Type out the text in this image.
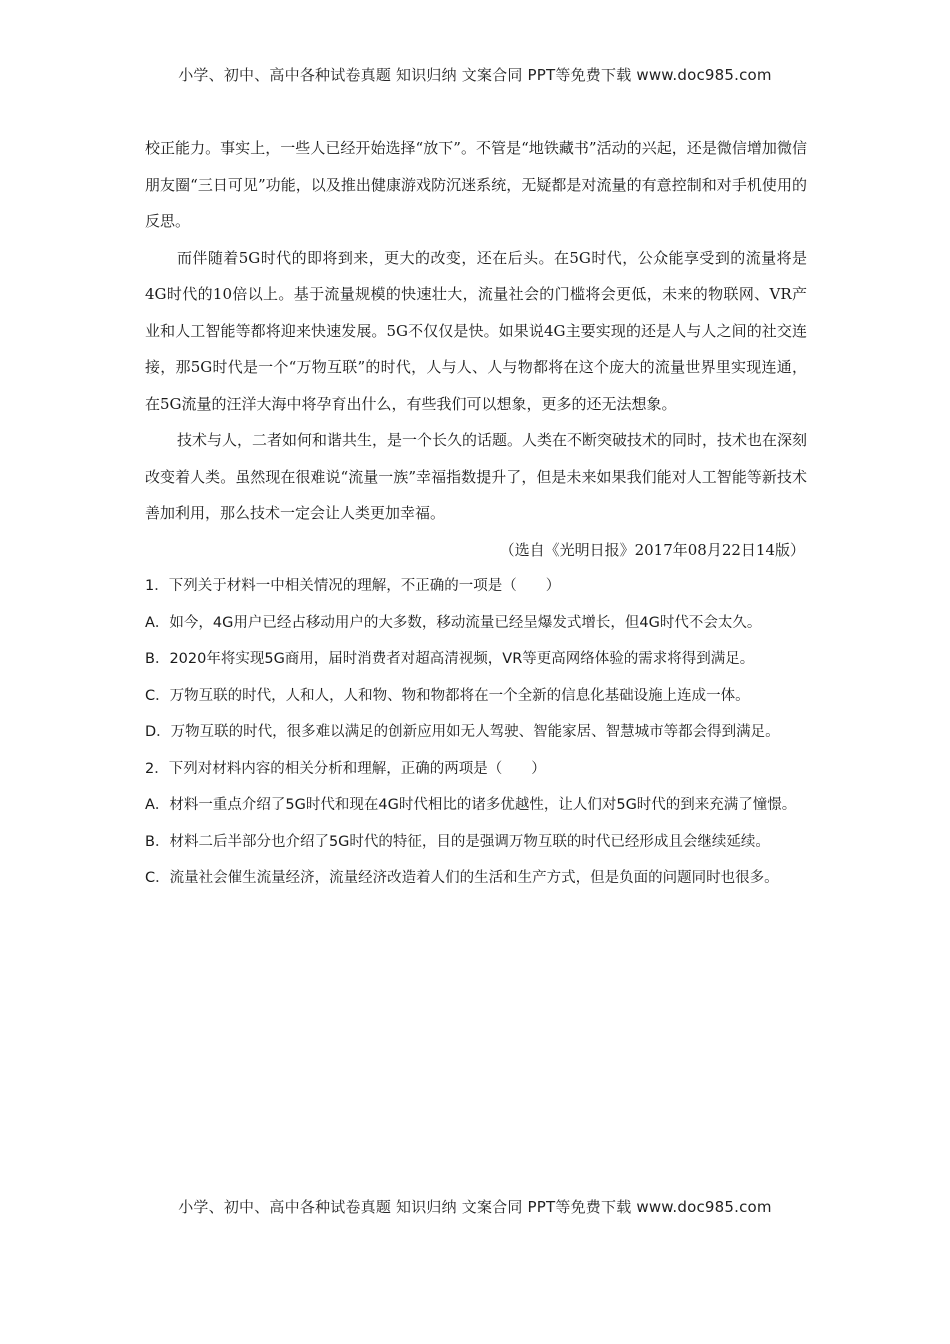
小学、初中、高中各种试卷真题 知识归纳 文案合同 PPT等免费下载 www.doc985.com

校正能力。事实上，一些人已经开始选择“放下”。不管是“地铁藏书”活动的兴起，还是微信增加微信朋友圈“三日可见”功能，以及推出健康游戏防沉迷系统，无疑都是对流量的有意控制和对手机使用的反思。

而伴随着5G时代的即将到来，更大的改变，还在后头。在5G时代，公众能享受到的流量将是4G时代的10倍以上。基于流量规模的快速壮大，流量社会的门槛将会更低，未来的物联网、VR产业和人工智能等都将迎来快速发展。5G不仅仅是快。如果说4G主要实现的还是人与人之间的社交连接，那5G时代是一个“万物互联”的时代，人与人、人与物都将在这个庞大的流量世界里实现连通，在5G流量的汪洋大海中将孕育出什么，有些我们可以想象，更多的还无法想象。

技术与人，二者如何和谐共生，是一个长久的话题。人类在不断突破技术的同时，技术也在深刻改变着人类。虽然现在很难说“流量一族”幸福指数提升了，但是未来如果我们能对人工智能等新技术善加利用，那么技术一定会让人类更加幸福。

（选自《光明日报》2017年08月22日14版）

1．下列关于材料一中相关情况的理解，不正确的一项是（　　）

A．如今，4G用户已经占移动用户的大多数，移动流量已经呈爆发式增长，但4G时代不会太久。

B．2020年将实现5G商用，届时消费者对超高清视频，VR等更高网络体验的需求将得到满足。

C．万物互联的时代，人和人，人和物、物和物都将在一个全新的信息化基础设施上连成一体。

D．万物互联的时代，很多难以满足的创新应用如无人驾驶、智能家居、智慧城市等都会得到满足。

2．下列对材料内容的相关分析和理解，正确的两项是（　　）

A．材料一重点介绍了5G时代和现在4G时代相比的诸多优越性，让人们对5G时代的到来充满了憧憬。

B．材料二后半部分也介绍了5G时代的特征，目的是强调万物互联的时代已经形成且会继续延续。

C．流量社会催生流量经济，流量经济改造着人们的生活和生产方式，但是负面的问题同时也很多。

小学、初中、高中各种试卷真题 知识归纳 文案合同 PPT等免费下载 www.doc985.com
